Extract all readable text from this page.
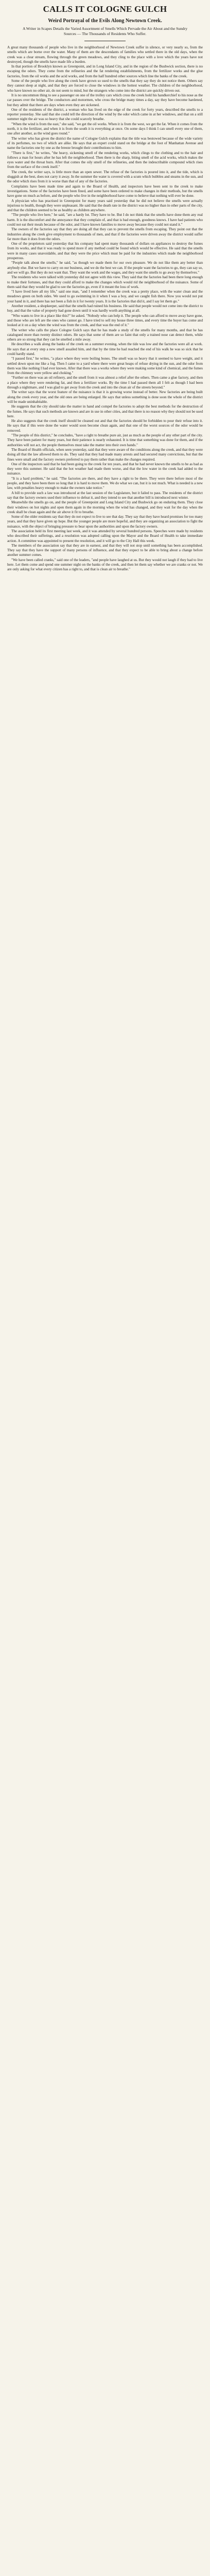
CALLS IT COLOGNE GULCH
Weird Portrayal of the Evils Along Newtown Creek.
A Writer in Scapes Details the Varied Assortment of Smells Which Pervade the Air About and the Sundry Sources — The Thousands of Residents Who Suffer.

A great many thousands of people who live in the neighborhood of Newtown Creek suffer in silence, or very nearly so, from the smells which are borne over the water. Many of them are the descendants of families who settled there in the old days, when the creek was a clear stream, flowing through the green meadows, and they cling to the place with a love which the years have not destroyed, though the smells have made life a burden.

In that portion of Brooklyn known as Greenpoint, and in Long Island City, and in the region of the Bushwick section, there is no escaping the odors. They come from the refineries and the fat rendering establishments, from the fertilizer works and the glue factories, from the oil works and the acid works, and from the half hundred other sources which line the banks of the creek.

Some of the people who live along the creek have grown so used to the smells that they say they do not notice them. Others say they cannot sleep at night, and that they are forced to close the windows in the hottest weather. The children of the neighborhood, who have known no other air, do not seem to mind, but the strangers who come into the district are quickly driven out.

It is no uncommon thing to see a passenger on one of the trolley cars which cross the creek hold his handkerchief to his nose as the car passes over the bridge. The conductors and motormen, who cross the bridge many times a day, say they have become hardened, but they admit that there are days when even they are sickened.

One of the residents of the district, a woman who has lived on the edge of the creek for forty years, described the smells to a reporter yesterday. She said that she could tell the direction of the wind by the odor which came in at her windows, and that on a still summer night the air was so heavy that she could scarcely breathe.

"When the wind is from the east," she said, "we get the oil works. When it is from the west, we get the fat. When it comes from the north, it is the fertilizer, and when it is from the south it is everything at once. On some days I think I can smell every one of them, one after another, as the wind goes round."

The writer who has given the district the name of Cologne Gulch explains that the title was bestowed because of the wide variety of its perfumes, no two of which are alike. He says that an expert could stand on the bridge at the foot of Manhattan Avenue and name the factories one by one as the breeze brought their contributions to him.

"There is first," he writes, "the heavy, sickening smell of the rendering works, which clings to the clothing and to the hair and follows a man for hours after he has left the neighborhood. Then there is the sharp, biting smell of the acid works, which makes the eyes water and the throat burn. After that comes the oily smell of the refineries, and then the indescribable compound which rises from the surface of the creek itself."

The creek, the writer says, is little more than an open sewer. The refuse of the factories is poured into it, and the tide, which is sluggish at the best, does not carry it away. In the summer the water is covered with a scum which bubbles and steams in the sun, and the odor which rises from it is worse than that of any of the factories.

Complaints have been made time and again to the Board of Health, and inspectors have been sent to the creek to make investigations. Some of the factories have been fined, and some have been ordered to make changes in their methods, but the smells have gone on much as before, and the people who live in the neighborhood have come to believe that nothing will ever be done.

A physician who has practised in Greenpoint for many years said yesterday that he did not believe the smells were actually injurious to health, though they were unpleasant. He said that the death rate in the district was no higher than in other parts of the city, and that the children seemed to be as healthy as children anywhere.

"The people who live here," he said, "are a hardy lot. They have to be. But I do not think that the smells have done them any real harm. It is the discomfort and the annoyance that they complain of, and that is bad enough, goodness knows. I have had patients who could not eat their meals because of the odor, and I have known families to move away because they could not stand it."

The owners of the factories say that they are doing all that they can to prevent the smells from escaping. They point out that the industries along the creek give employment to thousands of men, and that if the factories were driven away the district would suffer far more than it does from the odors.

One of the proprietors said yesterday that his company had spent many thousands of dollars on appliances to destroy the fumes from its works, and that it was ready to spend more if any method could be found which would be effective. He said that the smells were in many cases unavoidable, and that they were the price which must be paid for the industries which made the neighborhood prosperous.

"People talk about the smells," he said, "as though we made them for our own pleasure. We do not like them any better than anybody else. But we have to carry on our business, and we do the best we can. If the people want the factories to go, they can say so, and we will go. But they do not want that. They want the work and the wages, and they want the smells to go away by themselves."

The residents who were talked with yesterday did not agree with this view. They said that the factories had been there long enough to make their fortunes, and that they could afford to make the changes which would rid the neighborhood of the nuisance. Some of them said that they would be glad to see the factories go, even if it meant the loss of work.

"I have lived here all my life," said one man, "and I remember when the creek was a pretty place, with the water clean and the meadows green on both sides. We used to go swimming in it when I was a boy, and we caught fish there. Now you would not put your hand in it, and there has not been a fish in it for twenty years. It is the factories that did it, and I say let them go."

Another resident, a shopkeeper, said that the smells had ruined his business. He said that people would not come into the district to buy, and that the value of property had gone down until it was hardly worth anything at all.

"Who wants to live in a place like this?" he asked. "Nobody who can help it. The people who can afford to move away have gone, and those who are left are the ones who cannot go. I have tried to sell my house three times, and every time the buyer has come and looked at it on a day when the wind was from the creek, and that was the end of it."

The writer who calls the place Cologne Gulch says that he has made a study of the smells for many months, and that he has catalogued more than twenty distinct odors. He says that some of them are so faint that only a trained nose can detect them, while others are so strong that they can be smelled a mile away.

He describes a walk along the banks of the creek on a summer evening, when the tide was low and the factories were all at work. He says that at every step a new smell assailed him, and that by the time he had reached the end of his walk he was so sick that he could hardly stand.

"I passed first," he writes, "a place where they were boiling bones. The smell was so heavy that it seemed to have weight, and it settled down upon me like a fog. Then I came to a yard where there were great heaps of refuse drying in the sun, and the odor from them was like nothing I had ever known. After that there was a works where they were making some kind of chemical, and the fumes from the chimney were yellow and choking."

"Further on there was an oil refinery, and the smell from it was almost a relief after the others. Then came a glue factory, and then a place where they were rendering fat, and then a fertilizer works. By the time I had passed them all I felt as though I had been through a nightmare, and I was glad to get away from the creek and into the clean air of the streets beyond."

The writer says that the worst feature of the nuisance is that it is growing worse instead of better. New factories are being built along the creek every year, and the old ones are being enlarged. He says that unless something is done soon the whole of the district will be made uninhabitable.

He suggests that the city should take the matter in hand and compel the factories to adopt the best methods for the destruction of the fumes. He says that such methods are known and are in use in other cities, and that there is no reason why they should not be used here.

He also suggests that the creek itself should be cleaned out and that the factories should be forbidden to pour their refuse into it. He says that if this were done the water would soon become clean again, and that one of the worst sources of the odor would be removed.

"The people of this district," he concludes, "have a right to breathe pure air, just as much as the people of any other part of the city. They have been patient for many years, but their patience is nearly exhausted. It is time that something was done for them, and if the authorities will not act, the people themselves must take the matter into their own hands."

The Board of Health officials, when seen yesterday, said that they were aware of the conditions along the creek, and that they were doing all that the law allowed them to do. They said that they had made many arrests and had secured many convictions, but that the fines were small and the factory owners preferred to pay them rather than make the changes required.

One of the inspectors said that he had been going to the creek for ten years, and that he had never known the smells to be as bad as they were this summer. He said that the hot weather had made them worse, and that the low water in the creek had added to the nuisance.

"It is a hard problem," he said. "The factories are there, and they have a right to be there. They were there before most of the people, and they have been there so long that it is hard to move them. We do what we can, but it is not much. What is needed is a new law, with penalties heavy enough to make the owners take notice."

A bill to provide such a law was introduced at the last session of the Legislature, but it failed to pass. The residents of the district say that the factory owners used their influence to defeat it, and they intend to see that another bill is introduced next winter.

Meanwhile the smells go on, and the people of Greenpoint and Long Island City and Bushwick go on enduring them. They close their windows on hot nights and open them again in the morning when the wind has changed, and they wait for the day when the creek shall be clean again and the air above it fit to breathe.

Some of the older residents say that they do not expect to live to see that day. They say that they have heard promises for too many years, and that they have given up hope. But the younger people are more hopeful, and they are organizing an association to fight the nuisance, with the object of bringing pressure to bear upon the authorities and upon the factory owners.

The association held its first meeting last week, and it was attended by several hundred persons. Speeches were made by residents who described their sufferings, and a resolution was adopted calling upon the Mayor and the Board of Health to take immediate action. A committee was appointed to present the resolution, and it will go to the City Hall this week.

The members of the association say that they are in earnest, and that they will not stop until something has been accomplished. They say that they have the support of many persons of influence, and that they expect to be able to bring about a change before another summer comes.

"We have been called cranks," said one of the leaders, "and people have laughed at us. But they would not laugh if they had to live here. Let them come and spend one summer night on the banks of the creek, and then let them say whether we are cranks or not. We are only asking for what every citizen has a right to, and that is clean air to breathe."
